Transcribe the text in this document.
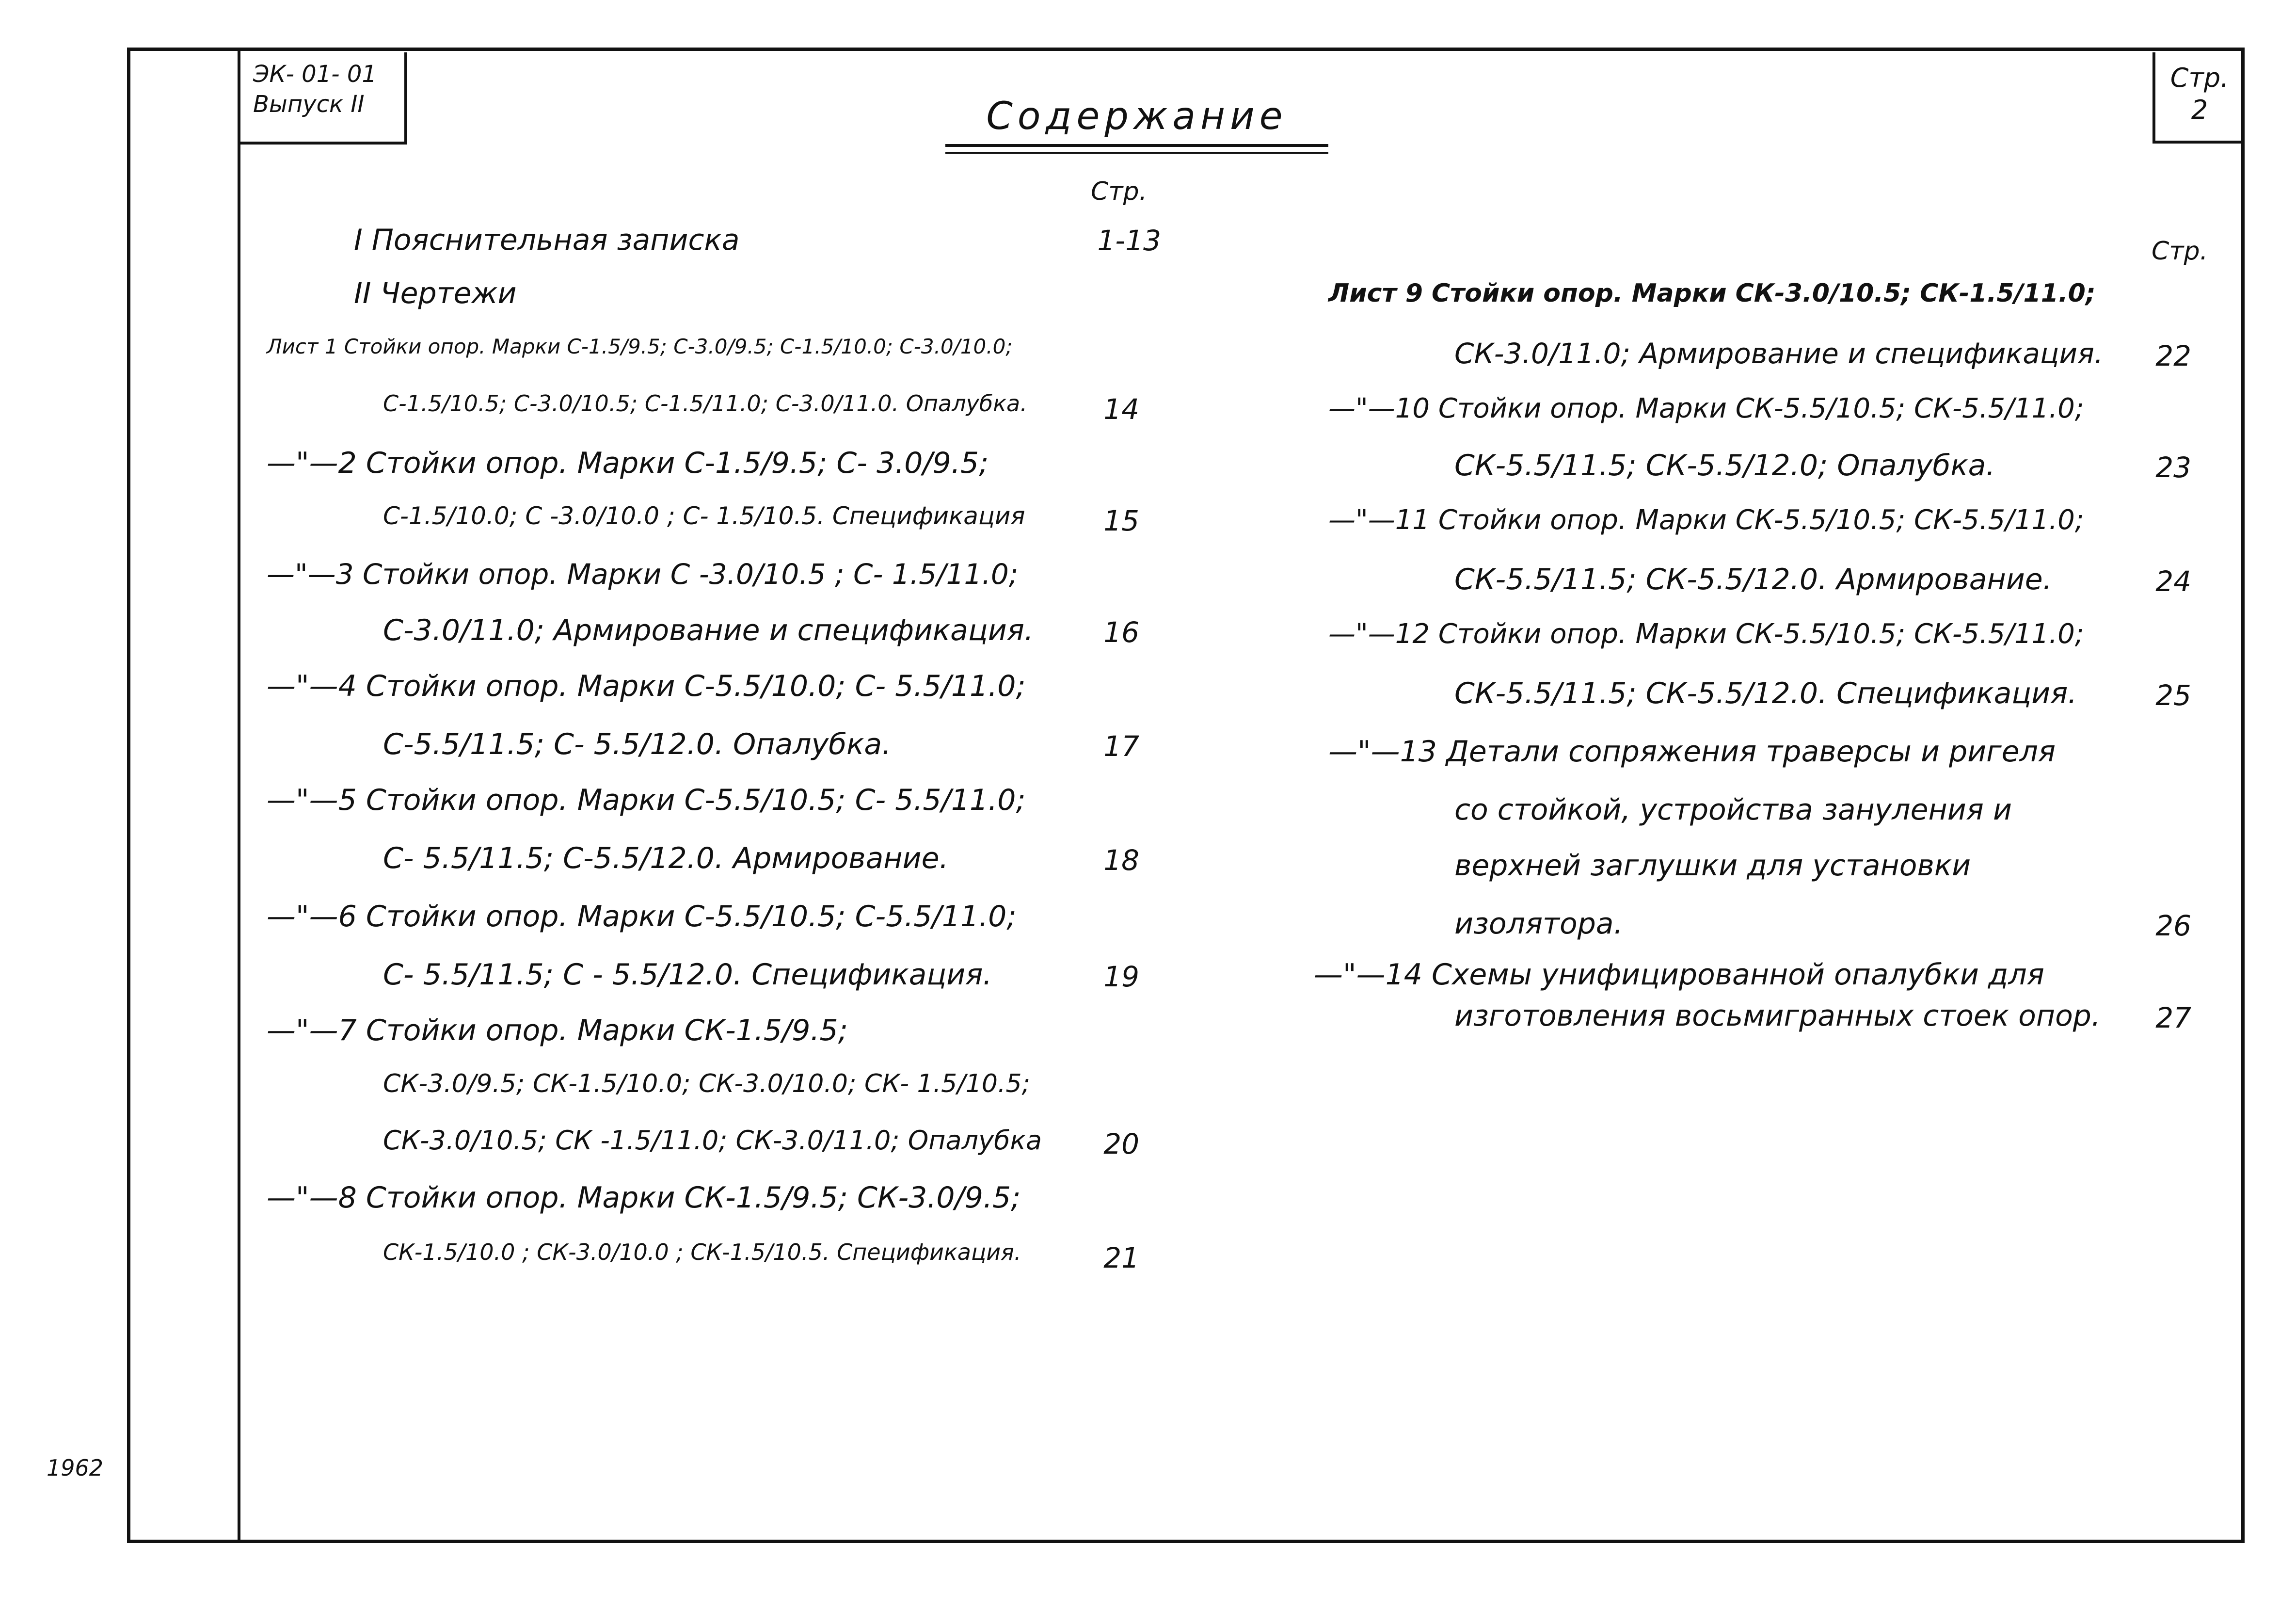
ЭК- 01- 01
Выпуск II
Стр.
2
Содержание
Стр.
Стр.
I Пояснительная записка	1-13
II Чертежи
Лист 1 Стойки опор. Марки С-1.5/9.5; С-3.0/9.5; С-1.5/10.0; С-3.0/10.0;
С-1.5/10.5; С-3.0/10.5; С-1.5/11.0; С-3.0/11.0. Опалубка.	14
—"—2 Стойки опор. Марки С-1.5/9.5; С- 3.0/9.5;
С-1.5/10.0; С -3.0/10.0 ; С- 1.5/10.5. Спецификация	15
—"—3 Стойки опор. Марки С -3.0/10.5 ; С- 1.5/11.0;
С-3.0/11.0; Армирование и спецификация.	16
—"—4 Стойки опор. Марки С-5.5/10.0; С- 5.5/11.0;
С-5.5/11.5; С- 5.5/12.0. Опалубка.	17
—"—5 Стойки опор. Марки С-5.5/10.5; С- 5.5/11.0;
С- 5.5/11.5; С-5.5/12.0. Армирование.	18
—"—6 Стойки опор. Марки С-5.5/10.5; С-5.5/11.0;
С- 5.5/11.5; С - 5.5/12.0. Спецификация.	19
—"—7 Стойки опор. Марки СК-1.5/9.5;
СК-3.0/9.5; СК-1.5/10.0; СК-3.0/10.0; СК- 1.5/10.5;
СК-3.0/10.5; СК -1.5/11.0; СК-3.0/11.0; Опалубка	20
—"—8 Стойки опор. Марки СК-1.5/9.5; СК-3.0/9.5;
СК-1.5/10.0 ; СК-3.0/10.0 ; СК-1.5/10.5. Спецификация.	21
Лист 9 Стойки опор. Марки СК-3.0/10.5; СК-1.5/11.0;
СК-3.0/11.0; Армирование и спецификация.	22
—"—10 Стойки опор. Марки СК-5.5/10.5; СК-5.5/11.0;
СК-5.5/11.5; СК-5.5/12.0; Опалубка.	23
—"—11 Стойки опор. Марки СК-5.5/10.5; СК-5.5/11.0;
СК-5.5/11.5; СК-5.5/12.0. Армирование.	24
—"—12 Стойки опор. Марки СК-5.5/10.5; СК-5.5/11.0;
СК-5.5/11.5; СК-5.5/12.0. Спецификация.	25
—"—13 Детали сопряжения траверсы и ригеля
со стойкой, устройства зануления и
верхней заглушки для установки
изолятора.	26
—"—14 Схемы унифицированной опалубки для
изготовления восьмигранных стоек опор.	27
1962
